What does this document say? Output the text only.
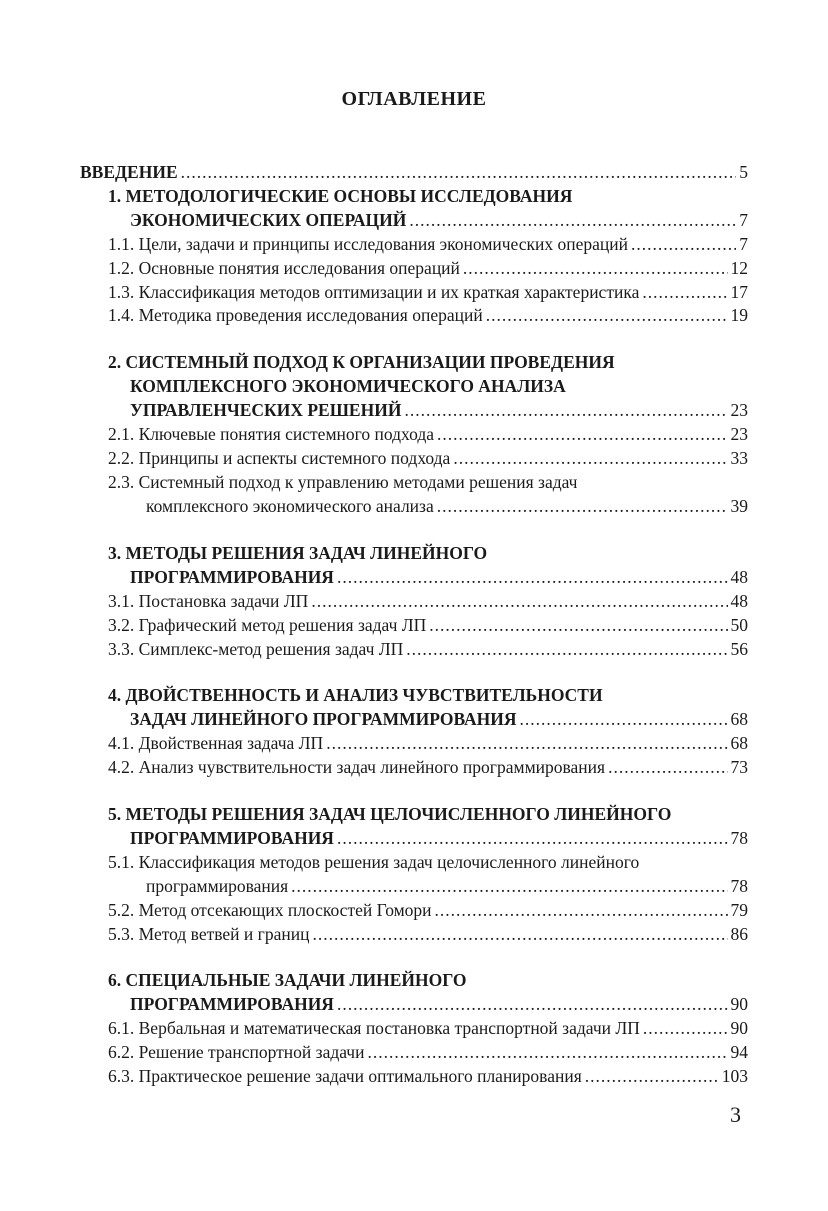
ОГЛАВЛЕНИЕ
ВВЕДЕНИЕ .....	5
1. МЕТОДОЛОГИЧЕСКИЕ ОСНОВЫ ИССЛЕДОВАНИЯ
ЭКОНОМИЧЕСКИХ ОПЕРАЦИЙ .....	7
1.1. Цели, задачи и принципы исследования экономических операций .....	7
1.2. Основные понятия исследования операций .....	12
1.3. Классификация методов оптимизации и их краткая характеристика .....	17
1.4. Методика проведения исследования операций .....	19
2. СИСТЕМНЫЙ ПОДХОД К ОРГАНИЗАЦИИ ПРОВЕДЕНИЯ
КОМПЛЕКСНОГО ЭКОНОМИЧЕСКОГО АНАЛИЗА
УПРАВЛЕНЧЕСКИХ РЕШЕНИЙ .....	23
2.1. Ключевые понятия системного подхода .....	23
2.2. Принципы и аспекты системного подхода .....	33
2.3. Системный подход к управлению методами решения задач
комплексного экономического анализа .....	39
3. МЕТОДЫ РЕШЕНИЯ ЗАДАЧ ЛИНЕЙНОГО
ПРОГРАММИРОВАНИЯ .....	48
3.1. Постановка задачи ЛП .....	48
3.2. Графический метод решения задач ЛП .....	50
3.3. Симплекс-метод решения задач ЛП .....	56
4. ДВОЙСТВЕННОСТЬ И АНАЛИЗ ЧУВСТВИТЕЛЬНОСТИ
ЗАДАЧ ЛИНЕЙНОГО ПРОГРАММИРОВАНИЯ .....	68
4.1. Двойственная задача ЛП .....	68
4.2. Анализ чувствительности задач линейного программирования .....	73
5. МЕТОДЫ РЕШЕНИЯ ЗАДАЧ ЦЕЛОЧИСЛЕННОГО ЛИНЕЙНОГО
ПРОГРАММИРОВАНИЯ .....	78
5.1. Классификация методов решения задач целочисленного линейного
программирования .....	78
5.2. Метод отсекающих плоскостей Гомори .....	79
5.3. Метод ветвей и границ .....	86
6. СПЕЦИАЛЬНЫЕ ЗАДАЧИ ЛИНЕЙНОГО
ПРОГРАММИРОВАНИЯ .....	90
6.1. Вербальная и математическая постановка транспортной задачи ЛП .....	90
6.2. Решение транспортной задачи .....	94
6.3. Практическое решение задачи оптимального планирования .....	103
3
